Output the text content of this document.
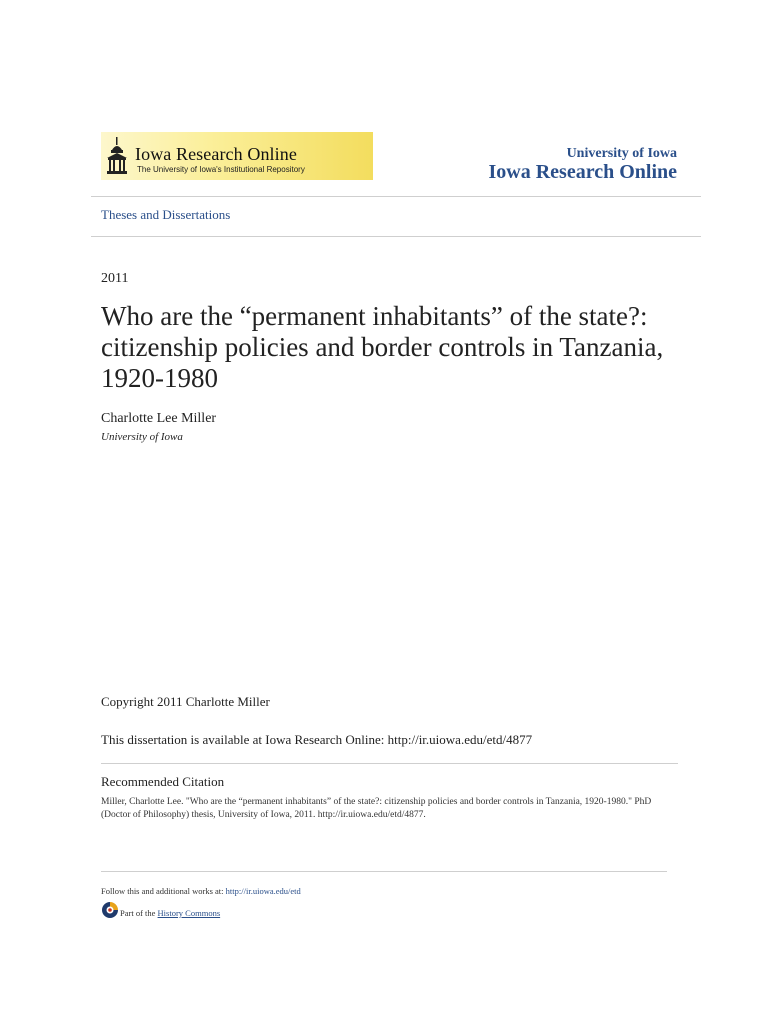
Iowa Research Online
The University of Iowa's Institutional Repository
University of Iowa
Iowa Research Online
Theses and Dissertations
2011
Who are the “permanent inhabitants” of the state?: citizenship policies and border controls in Tanzania, 1920-1980
Charlotte Lee Miller
University of Iowa
Copyright 2011 Charlotte Miller
This dissertation is available at Iowa Research Online: http://ir.uiowa.edu/etd/4877
Recommended Citation
Miller, Charlotte Lee. "Who are the “permanent inhabitants” of the state?: citizenship policies and border controls in Tanzania, 1920-1980." PhD (Doctor of Philosophy) thesis, University of Iowa, 2011. http://ir.uiowa.edu/etd/4877.
Follow this and additional works at: http://ir.uiowa.edu/etd
Part of the History Commons
